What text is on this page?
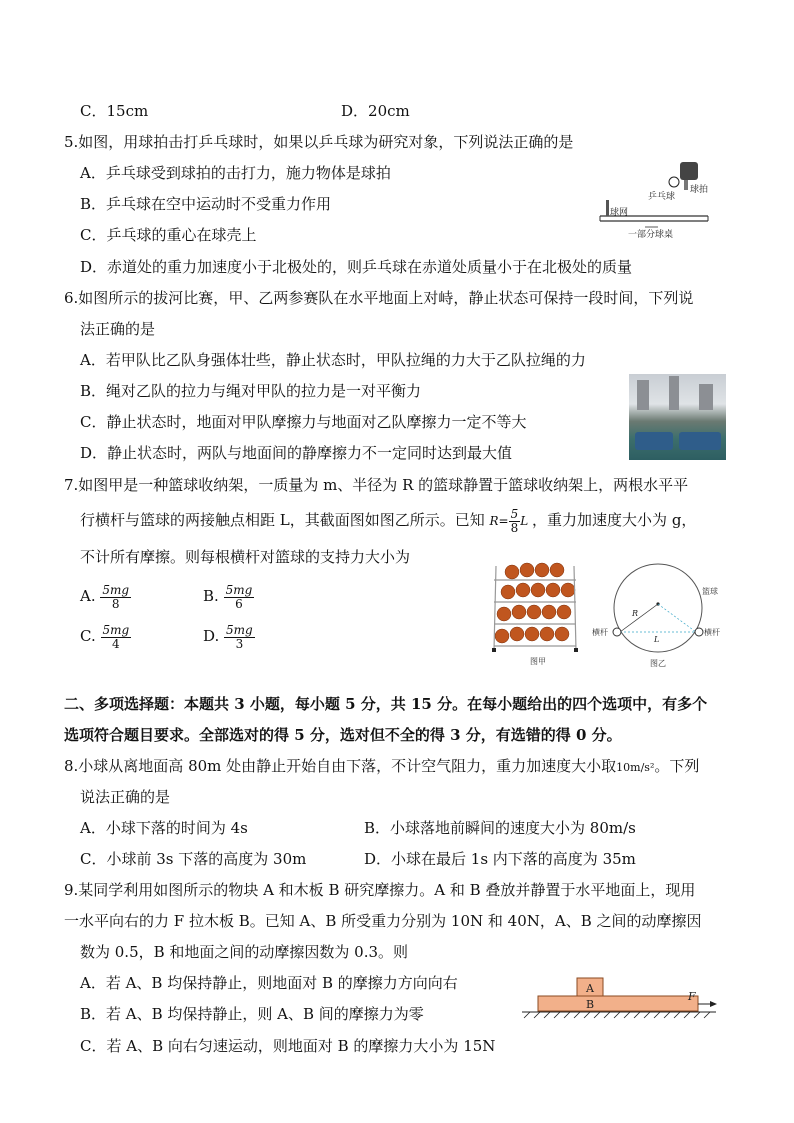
C．15cm	D．20cm
5.如图，用球拍击打乒乓球时，如果以乒乓球为研究对象，下列说法正确的是
A．乒乓球受到球拍的击打力，施力物体是球拍
B．乒乓球在空中运动时不受重力作用
C．乒乓球的重心在球壳上
D．赤道处的重力加速度小于北极处的，则乒乓球在赤道处质量小于在北极处的质量
球网
一部分球桌
乒乓球
球拍
6.如图所示的拔河比赛，甲、乙两参赛队在水平地面上对峙，静止状态可保持一段时间，下列说
法正确的是
A．若甲队比乙队身强体壮些，静止状态时，甲队拉绳的力大于乙队拉绳的力
B．绳对乙队的拉力与绳对甲队的拉力是一对平衡力
C．静止状态时，地面对甲队摩擦力与地面对乙队摩擦力一定不等大
D．静止状态时，两队与地面间的静摩擦力不一定同时达到最大值
7.如图甲是一种篮球收纳架，一质量为 m、半径为 R 的篮球静置于篮球收纳架上，两根水平平
行横杆与篮球的两接触点相距 L，其截面图如图乙所示。已知 $R= \frac{5}{8}$ L ，重力加速度大小为 g，
不计所有摩擦。则每根横杆对篮球的支持力大小为
A. $\frac{5mg}{8}$	B. $\frac{5mg}{6}$
C. $\frac{5mg}{4}$	D. $\frac{5mg}{3}$
图甲
R
L
横杆	横杆
篮球
图乙
二、多项选择题：本题共 3 小题，每小题 5 分，共 15 分。在每小题给出的四个选项中，有多个
选项符合题目要求。全部选对的得 5 分，选对但不全的得 3 分，有选错的得 0 分。
8.小球从离地面高 80m 处由静止开始自由下落，不计空气阻力，重力加速度大小取10m/s²。下列
说法正确的是
A．小球下落的时间为 4s	B．小球落地前瞬间的速度大小为 80m/s
C．小球前 3s 下落的高度为 30m	D．小球在最后 1s 内下落的高度为 35m
9.某同学利用如图所示的物块 A 和木板 B 研究摩擦力。A 和 B 叠放并静置于水平地面上，现用
一水平向右的力 F 拉木板 B。已知 A、B 所受重力分别为 10N 和 40N，A、B 之间的动摩擦因
数为 0.5，B 和地面之间的动摩擦因数为 0.3。则
A．若 A、B 均保持静止，则地面对 B 的摩擦力方向向右
B．若 A、B 均保持静止，则 A、B 间的摩擦力为零
C．若 A、B 向右匀速运动，则地面对 B 的摩擦力大小为 15N
A
B
F
